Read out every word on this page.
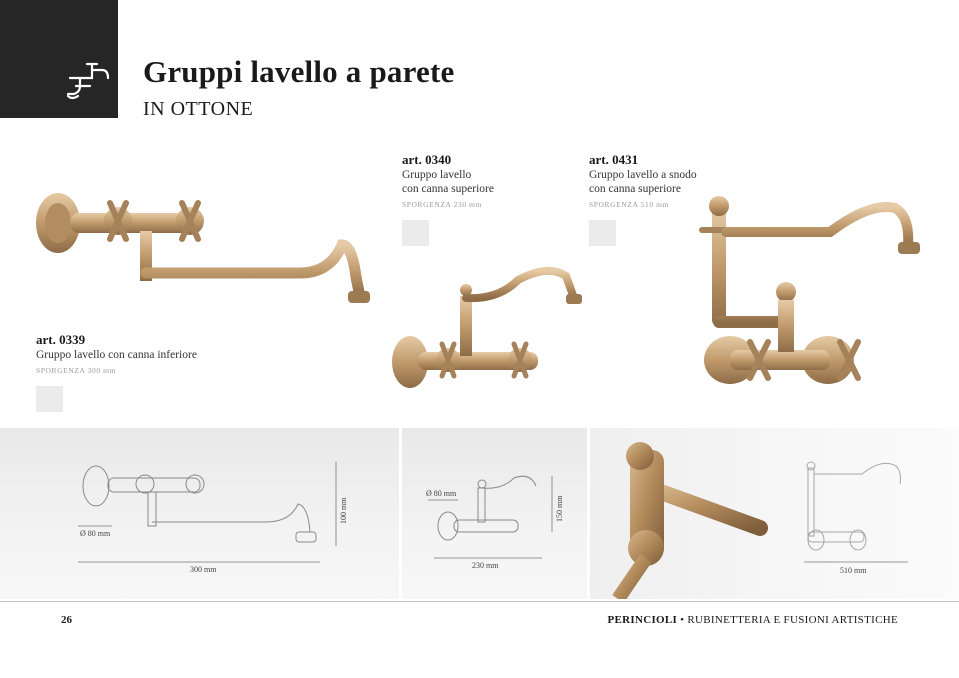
Gruppi lavello a parete
IN OTTONE
art. 0339
Gruppo lavello con canna inferiore
SPORGENZA 300 mm
art. 0340
Gruppo lavello
con canna superiore
SPORGENZA 230 mm
art. 0431
Gruppo lavello a snodo
con canna superiore
SPORGENZA 510 mm
Ø 80 mm
300 mm
100 mm
Ø 80 mm
230 mm
150 mm
510 mm
26	PERINCIOLI • RUBINETTERIA E FUSIONI ARTISTICHE
